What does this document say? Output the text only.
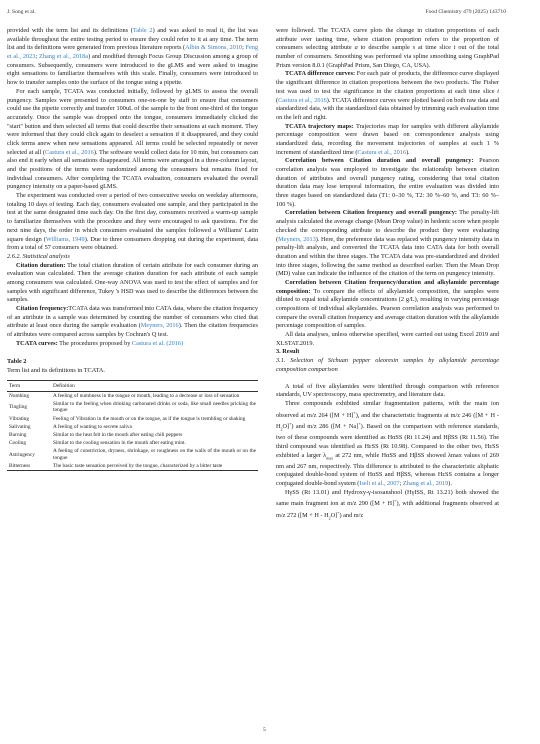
J. Song et al.	Food Chemistry 479 (2025) 143710

provided with the term list and its definitions (Table 2) and was asked to read it, the list was available throughout the entire testing period to ensure they could refer to it at any time. The term list and its definitions were generated from previous literature reports (Albin & Simons, 2010; Feng et al., 2023; Zhang et al., 2018a) and modified through Focus Group Discussion among a group of consumers. Subsequently, consumers were introduced to the gLMS and were asked to imagine eight sensations to familiarize themselves with this scale. Finally, consumers were introduced to how to transfer samples onto the surface of the tongue using a pipette.

For each sample, TCATA was conducted initially, followed by gLMS to assess the overall pungency. Samples were presented to consumers one-on-one by staff to ensure that consumers could use the pipette correctly and transfer 100uL of the sample to the front one-third of the tongue accurately. Once the sample was dropped onto the tongue, consumers immediately clicked the "start" button and then selected all terms that could describe their sensations at each moment. They were informed that they could click again to deselect a sensation if it disappeared, and they could click terms anew when new sensations appeared. All terms could be selected repeatedly or never selected at all (Castura et al., 2016). The software would collect data for 10 min, but consumers can also end it early when all sensations disappeared. All terms were arranged in a three-column layout, and the positions of the terms were randomized among the consumers but remains fixed for individual consumers. After completing the TCATA evaluation, consumers evaluated the overall pungency intensity on a paper-based gLMS.

The experiment was conducted over a period of two consecutive weeks on weekday afternoons, totaling 10 days of testing. Each day, consumers evaluated one sample, and they participated in the test at the same designated time each day. On the first day, consumers received a warm-up sample to familiarize themselves with the procedure and they were encouraged to ask questions. For the next nine days, the order in which consumers evaluated the samples followed a Williams' Latin square design (Williams, 1949). Due to three consumers dropping out during the experiment, data from a total of 57 consumers were obtained.

2.6.2. Statistical analysis

Citation duration: The total citation duration of certain attribute for each consumer during an evaluation was calculated. Then the average citation duration for each attribute of each sample among consumers was calculated. One-way ANOVA was used to test the effect of samples and for samples with significant difference, Tukey 's HSD was used to describe the differences between the samples.

Citation frequency:TCATA data was transformed into CATA data, where the citation frequency of an attribute in a sample was determined by counting the number of consumers who cited that attribute at least once during the sample evaluation (Meyners, 2016). Then the citation frequencies of attributes were compared across samples by Cochran's Q test.

TCATA curves: The procedures proposed by Castura et al. (2016)

Table 2
Term list and its definitions in TCATA.
Term	Definition
Numbing	A feeling of numbness in the tongue or mouth, leading to a decrease or loss of sensation
Tingling	Similar to the feeling when drinking carbonated drinks or soda, like small needles pricking the tongue
Vibrating	Feeling of Vibration in the mouth or on the tongue, as if the tongue is trembling or shaking
Salivating	A feeling of wanting to secrete saliva
Burning	Similar to the heat felt in the mouth after eating chili peppers
Cooling	Similar to the cooling sensation in the mouth after eating mint.
Astringency	A feeling of constriction, dryness, shrinkage, or roughness on the walls of the mouth or on the tongue
Bitterness	The basic taste sensation perceived by the tongue, characterized by a bitter taste

were followed. The TCATA curve plots the change in citation proportions of each attribute over tasting time, where citation proportion refers to the proportion of consumers selecting attribute a to describe sample s at time slice t out of the total number of consumers. Smoothing was performed via spline smoothing using GraphPad Prism version 8.0.1 (GraphPad Prism, San Diego, CA, USA).

TCATA difference curves: For each pair of products, the difference curve displayed the significant difference in citation proportions between the two products. The Fisher test was used to test the significance in the citation proportions at each time slice t (Castura et al., 2016). TCATA difference curves were plotted based on both raw data and standardized data, with the standardized data obtained by trimming each evaluation time on the left and right.

TCATA trajectory maps: Trajectories map for samples with different alkylamide percentage composition were drawn based on correspondence analysis using standardized data, recording the movement trajectories of samples at each 1 % increment of standardized time (Castura et al., 2016).

Correlation between Citation duration and overall pungency: Pearson correlation analysis was employed to investigate the relationship between citation duration of attributes and overall pungency rating, considering that total citation duration data may lose temporal information, the entire evaluation was divided into three stages based on standardized data (T1: 0–30 %, T2: 30 %–60 %, and T3: 60 %–100 %).

Correlation between Citation frequency and overall pungency: The penalty-lift analysis calculated the average change (Mean Drop value) in hedonic score when people checked the corresponding attribute to describe the product they were evaluating (Meyners, 2013). Here, the preference data was replaced with pungency intensity data in penalty-lift analysis, and converted the TCATA data into CATA data for both overall duration and within the three stages. The TCATA data was pre-standardized and divided into three stages, following the same method as described earlier. Then the Mean Drop (MD) value can indicate the influence of the citation of the term on pungency intensity.

Correlation between Citation frequency/duration and alkylamide percentage composition: To compare the effects of alkylamide composition, the samples were diluted to equal total alkylamide concentrations (2 g/L), resulting in varying percentage compositions of individual alkylamides. Pearson correlation analysis was performed to compare the overall citation frequency and average citation duration with the alkylamide percentage composition of samples.

All data analyses, unless otherwise specified, were carried out using Excel 2019 and XLSTAT.2019.

3. Result

3.1. Selection of Sichuan pepper oleoresin samples by alkylamide percentage composition comparison

A total of five alkylamides were identified through comparison with reference standards, UV spectroscopy, mass spectrometry, and literature data.

Three compounds exhibited similar fragmentation patterns, with the main ion observed at m/z 264 ([M + H]+), and the characteristic fragments at m/z 246 $([M + H - H_2O]^+)$ and m/z 286 ([M + Na]+). Based on the comparison with reference standards, two of these compounds were identified as HαSS (Rt 11.24) and HβSS (Rt 11.56). The third compound was identified as HεSS (Rt 10.98). Compared to the other two, HεSS exhibited a larger $\lambda_{max}$ at 272 nm, while HαSS and HβSS showed λmax values of 269 nm and 267 nm, respectively. This difference is attributed to the characteristic aliphatic conjugated double-bond system of HαSS and HβSS, whereas HεSS contains a longer conjugated double-bond system (Iseli et al., 2007; Zhang et al., 2019).

HγSS (Rt 13.01) and Hydroxy-γ-isosanshool (HγISS, Rt 13.21) both showed the same main fragment ion at m/z 290 ([M + H]+), with additional fragments observed at m/z 272 $([M + H - H_2O]^+)$ and m/z

5
